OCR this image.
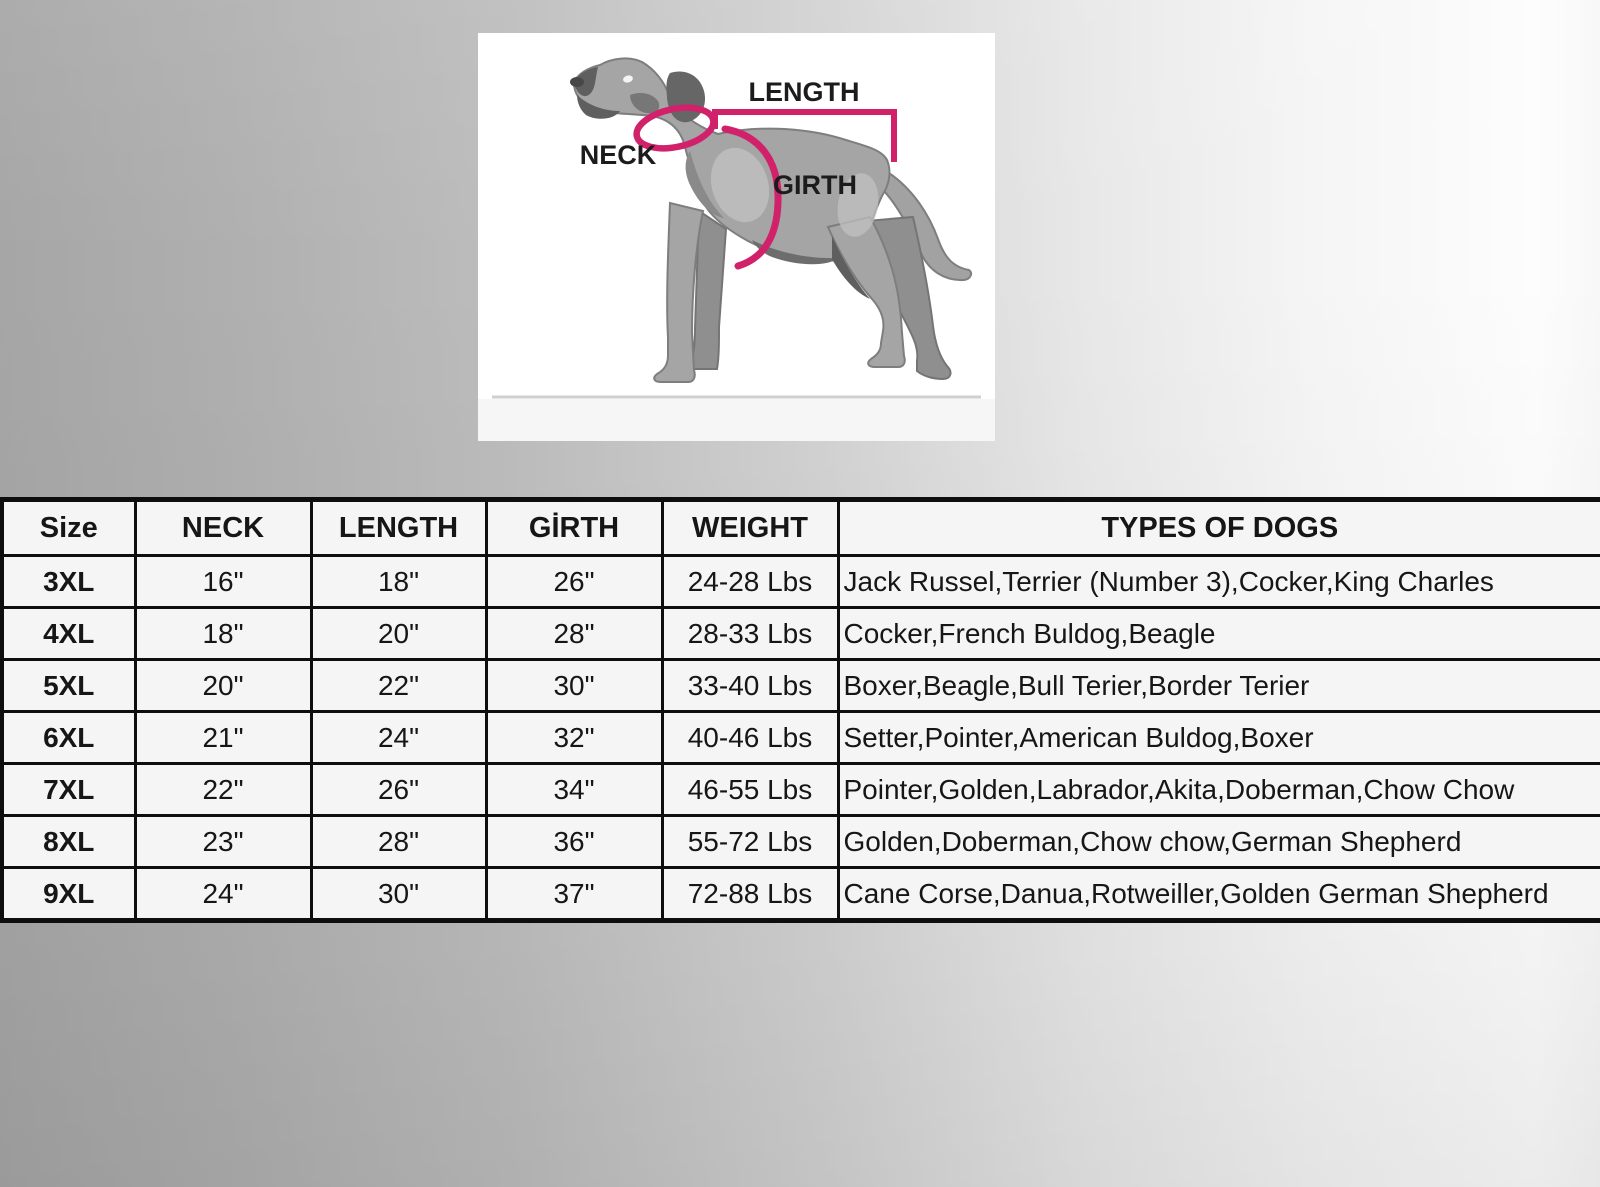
NECK
LENGTH
GIRTH
Size	NECK	LENGTH	GİRTH	WEIGHT	TYPES OF DOGS
3XL	16"	18"	26"	24-28 Lbs	Jack Russel,Terrier (Number 3),Cocker,King Charles
4XL	18"	20"	28"	28-33 Lbs	Cocker,French Buldog,Beagle
5XL	20"	22"	30"	33-40 Lbs	Boxer,Beagle,Bull Terier,Border Terier
6XL	21"	24"	32"	40-46 Lbs	Setter,Pointer,American Buldog,Boxer
7XL	22"	26"	34"	46-55 Lbs	Pointer,Golden,Labrador,Akita,Doberman,Chow Chow
8XL	23"	28"	36"	55-72 Lbs	Golden,Doberman,Chow chow,German Shepherd
9XL	24"	30"	37"	72-88 Lbs	Cane Corse,Danua,Rotweiller,Golden German Shepherd
